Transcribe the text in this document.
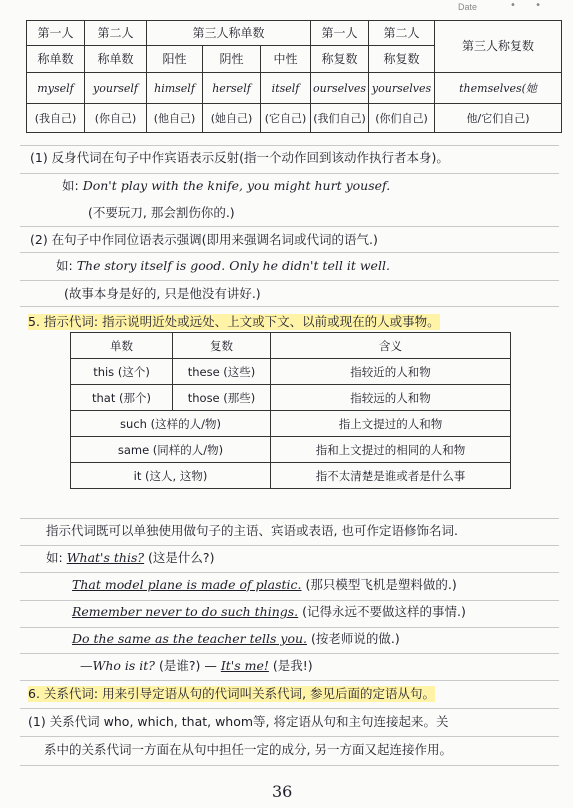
Date	• •
第一人	第二人	第三人称单数			第一人	第二人	第三人称复数
称单数	称单数	阳性	阴性	中性	称复数	称复数	
myself	yourself	himself	herself	itself	ourselves	yourselves	themselves(她
(我自己)	(你自己)	(他自己)	(她自己)	(它自己)	(我们自己)	(你们自己)	他/它们自己)
(1) 反身代词在句子中作宾语表示反射(指一个动作回到该动作执行者本身)。
如: Don't play with the knife, you might hurt yousef.
(不要玩刀, 那会割伤你的.)
(2) 在句子中作同位语表示强调(即用来强调名词或代词的语气.)
如: The story itself is good. Only he didn't tell it well.
(故事本身是好的, 只是他没有讲好.)
5. 指示代词: 指示说明近处或远处、上文或下文、以前或现在的人或事物。
单数	复数	含义
this (这个)	these (这些)	指较近的人和物
that (那个)	those (那些)	指较远的人和物
such (这样的人/物)		指上文提过的人和物
same (同样的人/物)		指和上文提过的相同的人和物
it (这人, 这物)		指不太清楚是谁或者是什么事
指示代词既可以单独使用做句子的主语、宾语或表语, 也可作定语修饰名词.
如: What's this? (这是什么?)
That model plane is made of plastic. (那只模型飞机是塑料做的.)
Remember never to do such things. (记得永远不要做这样的事情.)
Do the same as the teacher tells you. (按老师说的做.)
—Who is it? (是谁?) — It's me! (是我!)
6. 关系代词: 用来引导定语从句的代词叫关系代词, 参见后面的定语从句。
(1) 关系代词 who, which, that, whom等, 将定语从句和主句连接起来。关
系中的关系代词一方面在从句中担任一定的成分, 另一方面又起连接作用。
36
